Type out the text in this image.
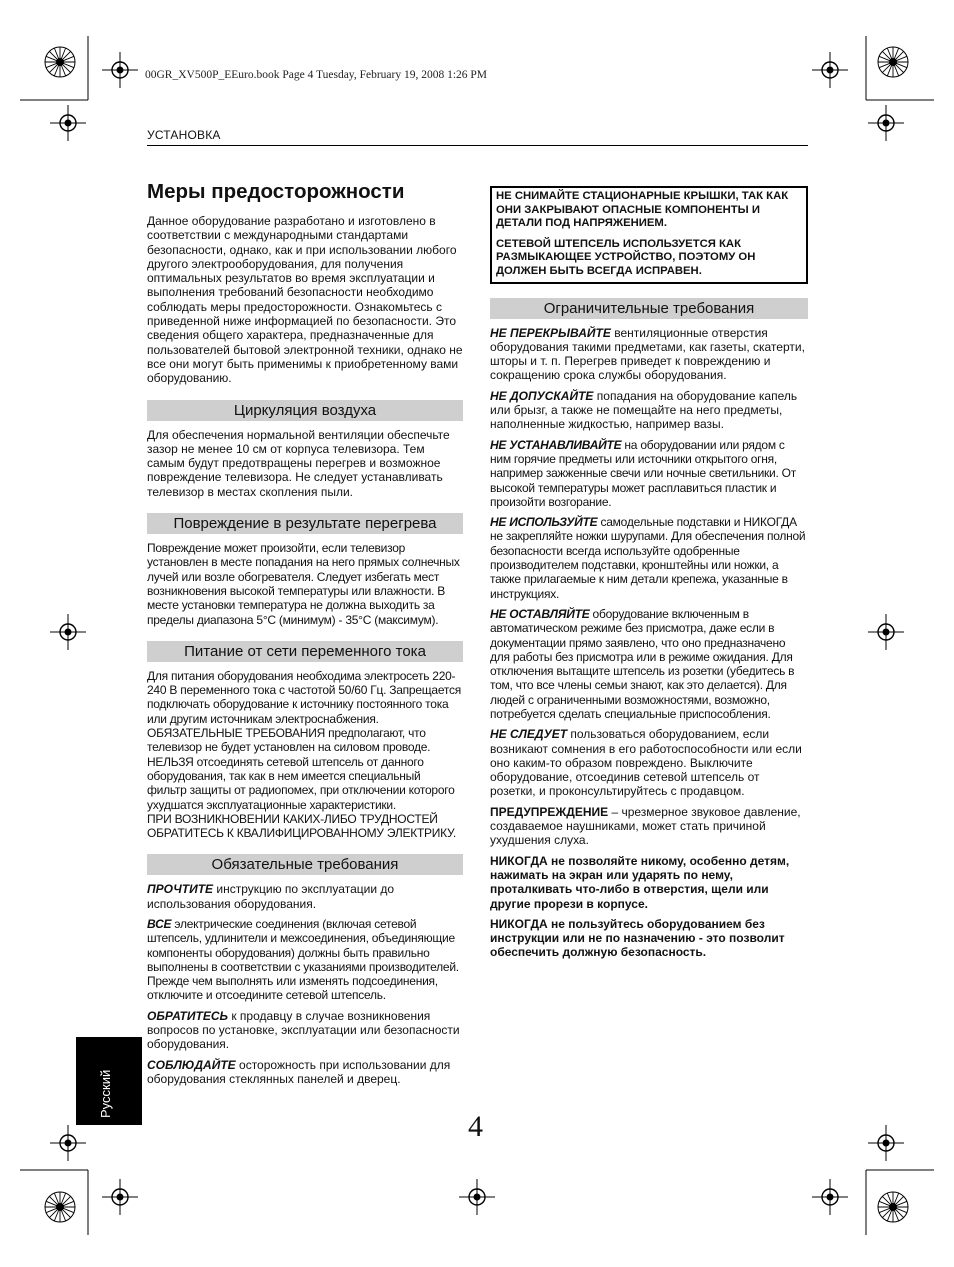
00GR_XV500P_EEuro.book Page 4 Tuesday, February 19, 2008 1:26 PM
УСТАНОВКА
Меры предосторожности

Данное оборудование разработано и изготовлено в соответствии с международными стандартами безопасности, однако, как и при использовании любого другого электрооборудования, для получения оптимальных результатов во время эксплуатации и выполнения требований безопасности необходимо соблюдать меры предосторожности. Ознакомьтесь с приведенной ниже информацией по безопасности. Это сведения общего характера, предназначенные для пользователей бытовой электронной техники, однако не все они могут быть применимы к приобретенному вами оборудованию.

Циркуляция воздуха

Для обеспечения нормальной вентиляции обеспечьте зазор не менее 10 см от корпуса телевизора. Тем самым будут предотвращены перегрев и возможное повреждение телевизора. Не следует устанавливать телевизор в местах скопления пыли.

Повреждение в результате перегрева

Повреждение может произойти, если телевизор установлен в месте попадания на него прямых солнечных лучей или возле обогревателя. Следует избегать мест возникновения высокой температуры или влажности. В месте установки температура не должна выходить за пределы диапазона 5°C (минимум) - 35°C (максимум).

Питание от сети переменного тока
Для питания оборудования необходима электросеть 220-240 В переменного тока с частотой 50/60 Гц. Запрещается подключать оборудование к источнику постоянного тока или другим источникам электроснабжения.
ОБЯЗАТЕЛЬНЫЕ ТРЕБОВАНИЯ предполагают, что телевизор не будет установлен на силовом проводе.
НЕЛЬЗЯ отсоединять сетевой штепсель от данного оборудования, так как в нем имеется специальный фильтр защиты от радиопомех, при отключении которого ухудшатся эксплуатационные характеристики.
ПРИ ВОЗНИКНОВЕНИИ КАКИХ-ЛИБО ТРУДНОСТЕЙ ОБРАТИТЕСЬ К КВАЛИФИЦИРОВАННОМУ ЭЛЕКТРИКУ.
Обязательные требования

ПРОЧТИТЕ инструкцию по эксплуатации до использования оборудования.

ВСЕ электрические соединения (включая сетевой штепсель, удлинители и межсоединения, объединяющие компоненты оборудования) должны быть правильно выполнены в соответствии с указаниями производителей. Прежде чем выполнять или изменять подсоединения, отключите и отсоедините сетевой штепсель.

ОБРАТИТЕСЬ к продавцу в случае возникновения вопросов по установке, эксплуатации или безопасности оборудования.

СОБЛЮДАЙТЕ осторожность при использовании для оборудования стеклянных панелей и дверец.

НЕ СНИМАЙТЕ СТАЦИОНАРНЫЕ КРЫШКИ, ТАК КАК ОНИ ЗАКРЫВАЮТ ОПАСНЫЕ КОМПОНЕНТЫ И ДЕТАЛИ ПОД НАПРЯЖЕНИЕМ.

СЕТЕВОЙ ШТЕПСЕЛЬ ИСПОЛЬЗУЕТСЯ КАК РАЗМЫКАЮЩЕЕ УСТРОЙСТВО, ПОЭТОМУ ОН ДОЛЖЕН БЫТЬ ВСЕГДА ИСПРАВЕН.

Ограничительные требования

НЕ ПЕРЕКРЫВАЙТЕ вентиляционные отверстия оборудования такими предметами, как газеты, скатерти, шторы и т. п. Перегрев приведет к повреждению и сокращению срока службы оборудования.

НЕ ДОПУСКАЙТЕ попадания на оборудование капель или брызг, а также не помещайте на него предметы, наполненные жидкостью, например вазы.

НЕ УСТАНАВЛИВАЙТЕ на оборудовании или рядом с ним горячие предметы или источники открытого огня, например зажженные свечи или ночные светильники. От высокой температуры может расплавиться пластик и произойти возгорание.

НЕ ИСПОЛЬЗУЙТЕ самодельные подставки и НИКОГДА не закрепляйте ножки шурупами. Для обеспечения полной безопасности всегда используйте одобренные производителем подставки, кронштейны или ножки, а также прилагаемые к ним детали крепежа, указанные в инструкциях.

НЕ ОСТАВЛЯЙТЕ оборудование включенным в автоматическом режиме без присмотра, даже если в документации прямо заявлено, что оно предназначено для работы без присмотра или в режиме ожидания. Для отключения вытащите штепсель из розетки (убедитесь в том, что все члены семьи знают, как это делается). Для людей с ограниченными возможностями, возможно, потребуется сделать специальные приспособления.

НЕ СЛЕДУЕТ пользоваться оборудованием, если возникают сомнения в его работоспособности или если оно каким-то образом повреждено. Выключите оборудование, отсоединив сетевой штепсель от розетки, и проконсультируйтесь с продавцом.

ПРЕДУПРЕЖДЕНИЕ – чрезмерное звуковое давление, создаваемое наушниками, может стать причиной ухудшения слуха.

НИКОГДА не позволяйте никому, особенно детям, нажимать на экран или ударять по нему, проталкивать что-либо в отверстия, щели или другие прорези в корпусе.

НИКОГДА не пользуйтесь оборудованием без инструкции или не по назначению - это позволит обеспечить должную безопасность.

Русский
4
